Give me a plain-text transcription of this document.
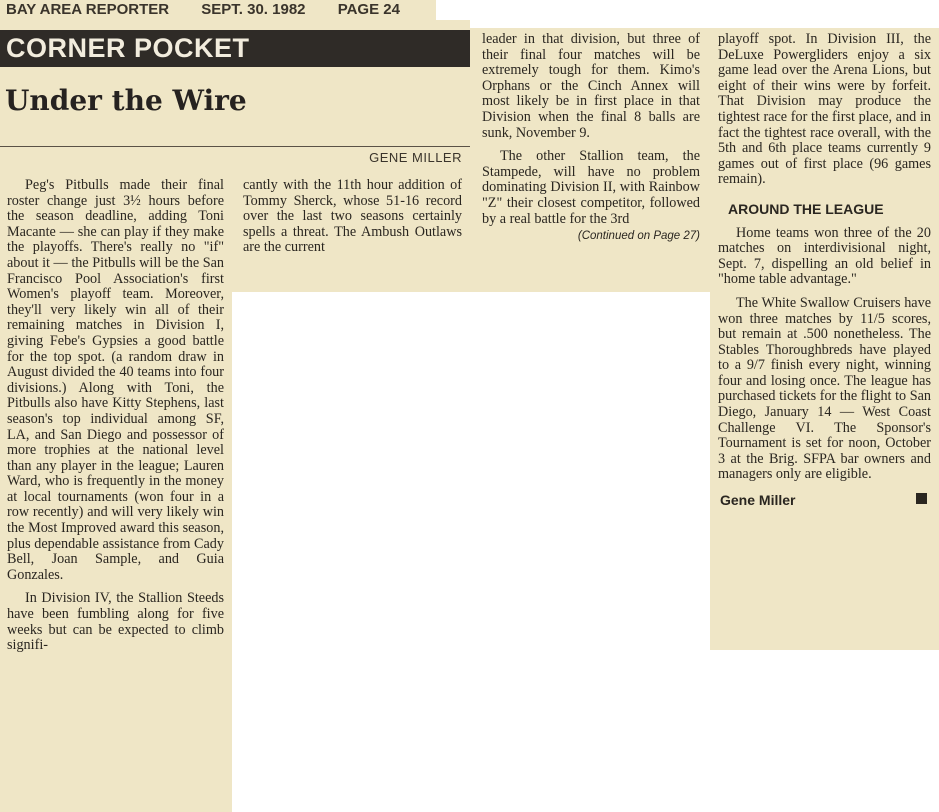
BAY AREA REPORTER SEPT. 30. 1982 PAGE 24
CORNER POCKET
Under the Wire
GENE MILLER

Peg's Pitbulls made their final roster change just 3½ hours before the season deadline, adding Toni Macante — she can play if they make the playoffs. There's really no "if" about it — the Pitbulls will be the San Francisco Pool Association's first Women's playoff team. Moreover, they'll very likely win all of their remaining matches in Division I, giving Febe's Gypsies a good battle for the top spot. (a random draw in August divided the 40 teams into four divisions.) Along with Toni, the Pitbulls also have Kitty Stephens, last season's top individual among SF, LA, and San Diego and possessor of more trophies at the national level than any player in the league; Lauren Ward, who is frequently in the money at local tournaments (won four in a row recently) and will very likely win the Most Improved award this season, plus dependable assistance from Cady Bell, Joan Sample, and Guia Gonzales.

In Division IV, the Stallion Steeds have been fumbling along for five weeks but can be expected to climb signifi-

cantly with the 11th hour addition of Tommy Sherck, whose 51-16 record over the last two seasons certainly spells a threat. The Ambush Outlaws are the current

leader in that division, but three of their final four matches will be extremely tough for them. Kimo's Orphans or the Cinch Annex will most likely be in first place in that Division when the final 8 balls are sunk, November 9.

The other Stallion team, the Stampede, will have no problem dominating Division II, with Rainbow "Z" their closest competitor, followed by a real battle for the 3rd

(Continued on Page 27)

playoff spot. In Division III, the DeLuxe Powergliders enjoy a six game lead over the Arena Lions, but eight of their wins were by forfeit. That Division may produce the tightest race for the first place, and in fact the tightest race overall, with the 5th and 6th place teams currently 9 games out of first place (96 games remain).

AROUND THE LEAGUE

Home teams won three of the 20 matches on interdivisional night, Sept. 7, dispelling an old belief in "home table advantage."

The White Swallow Cruisers have won three matches by 11/5 scores, but remain at .500 nonetheless. The Stables Thoroughbreds have played to a 9/7 finish every night, winning four and losing once. The league has purchased tickets for the flight to San Diego, January 14 — West Coast Challenge VI. The Sponsor's Tournament is set for noon, October 3 at the Brig. SFPA bar owners and managers only are eligible.

Gene Miller
